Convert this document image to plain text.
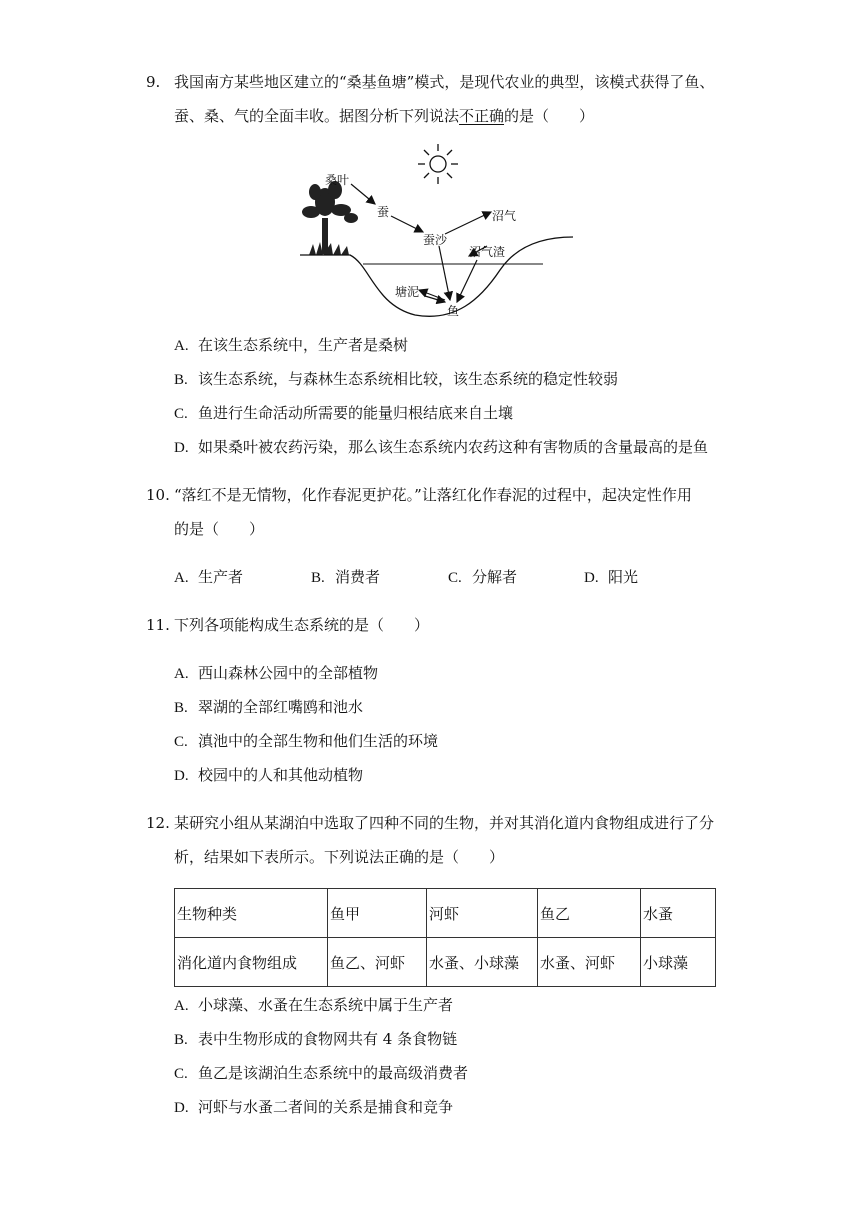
9. 我国南方某些地区建立的“桑基鱼塘”模式，是现代农业的典型，该模式获得了鱼、
蚕、桑、气的全面丰收。据图分析下列说法不正确的是（　　）
桑叶
蚕
蚕沙
沼气
沼气渣
塘泥
鱼
A. 在该生态系统中，生产者是桑树
B. 该生态系统，与森林生态系统相比较，该生态系统的稳定性较弱
C. 鱼进行生命活动所需要的能量归根结底来自土壤
D. 如果桑叶被农药污染，那么该生态系统内农药这种有害物质的含量最高的是鱼
10. “落红不是无情物，化作春泥更护花。”让落红化作春泥的过程中，起决定性作用
的是（　　）
A. 生产者	B. 消费者	C. 分解者	D. 阳光
11. 下列各项能构成生态系统的是（　　）
A. 西山森林公园中的全部植物
B. 翠湖的全部红嘴鸥和池水
C. 滇池中的全部生物和他们生活的环境
D. 校园中的人和其他动植物
12. 某研究小组从某湖泊中选取了四种不同的生物，并对其消化道内食物组成进行了分
析，结果如下表所示。下列说法正确的是（　　）
生物种类	鱼甲	河虾	鱼乙	水蚤
消化道内食物组成	鱼乙、河虾	水蚤、小球藻	水蚤、河虾	小球藻
A. 小球藻、水蚤在生态系统中属于生产者
B. 表中生物形成的食物网共有 4 条食物链
C. 鱼乙是该湖泊生态系统中的最高级消费者
D. 河虾与水蚤二者间的关系是捕食和竞争
